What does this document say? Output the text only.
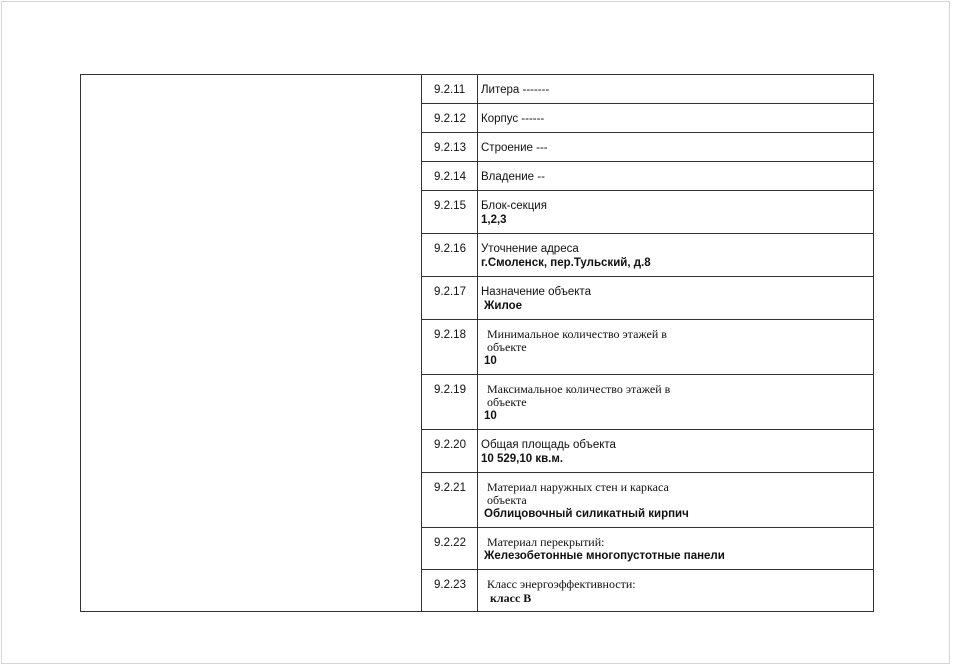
	9.2.11	Литера -------

	9.2.12	Корпус ------

	9.2.13	Строение ---

	9.2.14	Владение --

	9.2.15	Блок-секция
1,2,3

	9.2.16	Уточнение адреса
г.Смоленск, пер.Тульский, д.8

	9.2.17	Назначение объекта
Жилое

	9.2.18	Минимальное количество этажей в
объекте
10

	9.2.19	Максимальное количество этажей в
объекте
10

	9.2.20	Общая площадь объекта
10 529,10 кв.м.

	9.2.21	Материал наружных стен и каркаса
объекта
Облицовочный силикатный кирпич

	9.2.22	Материал перекрытий:
Железобетонные многопустотные панели

	9.2.23	Класс энергоэффективности:
класс B
